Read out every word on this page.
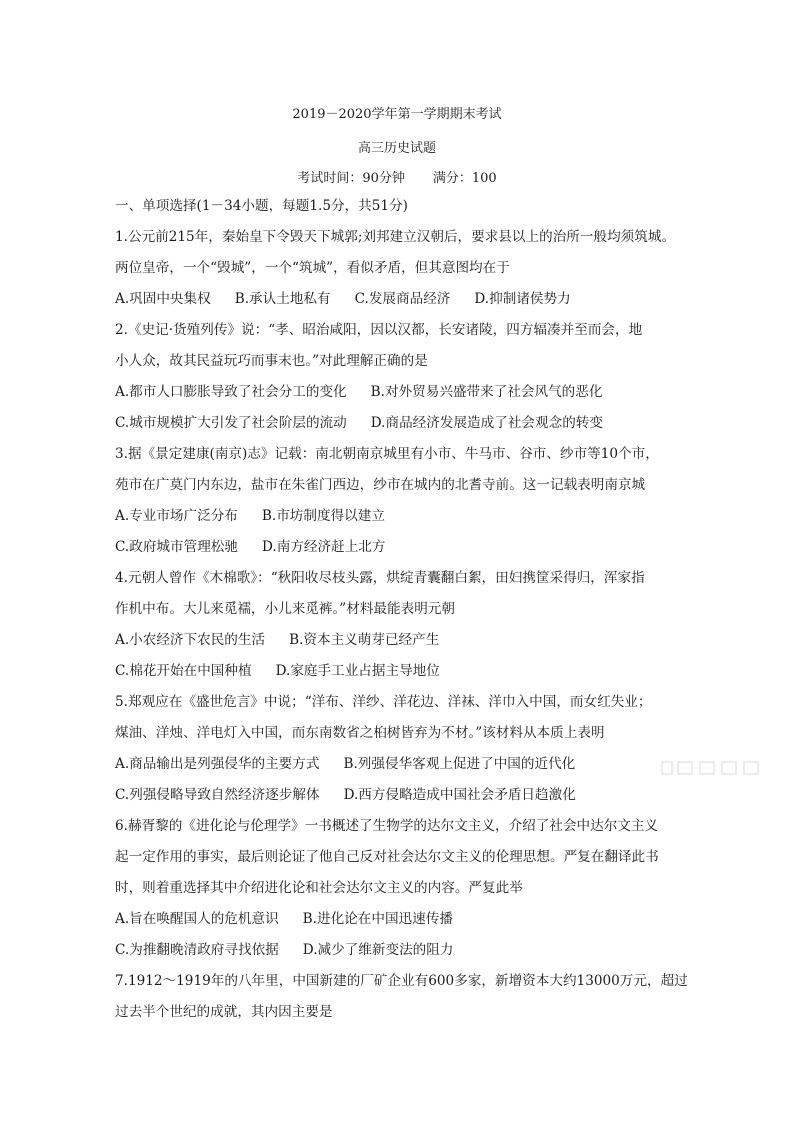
2019－2020学年第一学期期末考试
高三历史试题
考试时间：90分钟 满分：100
一、单项选择(1－34小题，每题1.5分，共51分)
1.公元前215年，秦始皇下令毁天下城郭;刘邦建立汉朝后，要求县以上的治所一般均须筑城。
两位皇帝，一个“毁城”，一个“筑城”，看似矛盾，但其意图均在于
A.巩固中央集权 B.承认土地私有 C.发展商品经济 D.抑制诸侯势力
2.《史记·货殖列传》说：“孝、昭治咸阳，因以汉都，长安诸陵，四方辐凑并至而会，地
小人众，故其民益玩巧而事末也。”对此理解正确的是
A.都市人口膨胀导致了社会分工的变化 B.对外贸易兴盛带来了社会风气的恶化
C.城市规模扩大引发了社会阶层的流动 D.商品经济发展造成了社会观念的转变
3.据《景定建康(南京)志》记载：南北朝南京城里有小市、牛马市、谷市、纱市等10个市，
苑市在广莫门内东边，盐市在朱雀门西边，纱市在城内的北耆寺前。这一记载表明南京城
A.专业市场广泛分布 B.市坊制度得以建立
C.政府城市管理松驰 D.南方经济赶上北方
4.元朝人曾作《木棉歌》：“秋阳收尽枝头露，烘绽青囊翻白絮，田妇携筐采得归，浑家指
作机中布。大儿来觅襦，小儿来觅裤。”材料最能表明元朝
A.小农经济下农民的生活 B.资本主义萌芽已经产生
C.棉花开始在中国种植 D.家庭手工业占据主导地位
5.郑观应在《盛世危言》中说；“洋布、洋纱、洋花边、洋袜、洋巾入中国，而女红失业；
煤油、洋烛、洋电灯入中国，而东南数省之桕树皆弃为不材。”该材料从本质上表明
A.商品输出是列强侵华的主要方式 B.列强侵华客观上促进了中国的近代化
C.列强侵略导致自然经济逐步解体 D.西方侵略造成中国社会矛盾日趋激化
6.赫胥黎的《进化论与伦理学》一书概述了生物学的达尔文主义，介绍了社会中达尔文主义
起一定作用的事实，最后则论证了他自己反对社会达尔文主义的伦理思想。严复在翻译此书
时，则着重选择其中介绍进化论和社会达尔文主义的内容。严复此举
A.旨在唤醒国人的危机意识 B.进化论在中国迅速传播
C.为推翻晚清政府寻找依据 D.减少了维新变法的阻力
7.1912～1919年的八年里，中国新建的厂矿企业有600多家，新增资本大约13000万元，超过
过去半个世纪的成就，其内因主要是
